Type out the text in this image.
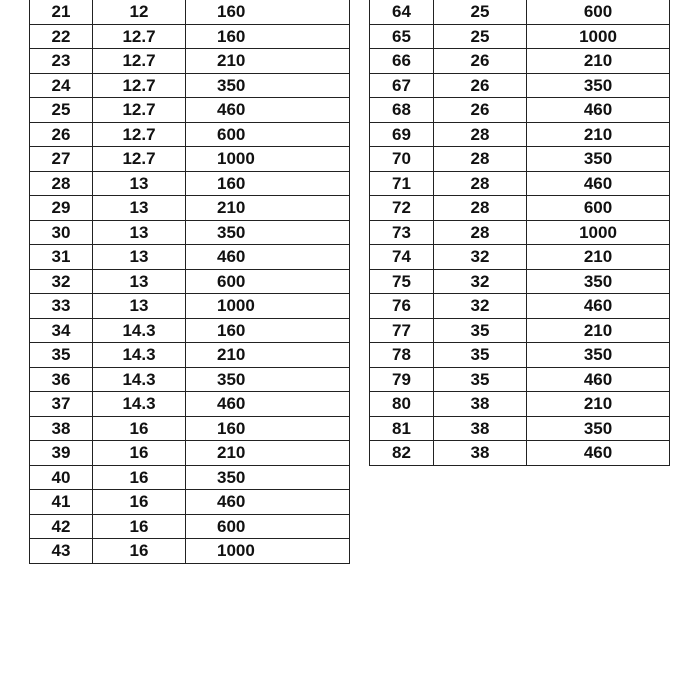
21	12	160
22	12.7	160
23	12.7	210
24	12.7	350
25	12.7	460
26	12.7	600
27	12.7	1000
28	13	160
29	13	210
30	13	350
31	13	460
32	13	600
33	13	1000
34	14.3	160
35	14.3	210
36	14.3	350
37	14.3	460
38	16	160
39	16	210
40	16	350
41	16	460
42	16	600
43	16	1000
64	25	600
65	25	1000
66	26	210
67	26	350
68	26	460
69	28	210
70	28	350
71	28	460
72	28	600
73	28	1000
74	32	210
75	32	350
76	32	460
77	35	210
78	35	350
79	35	460
80	38	210
81	38	350
82	38	460
